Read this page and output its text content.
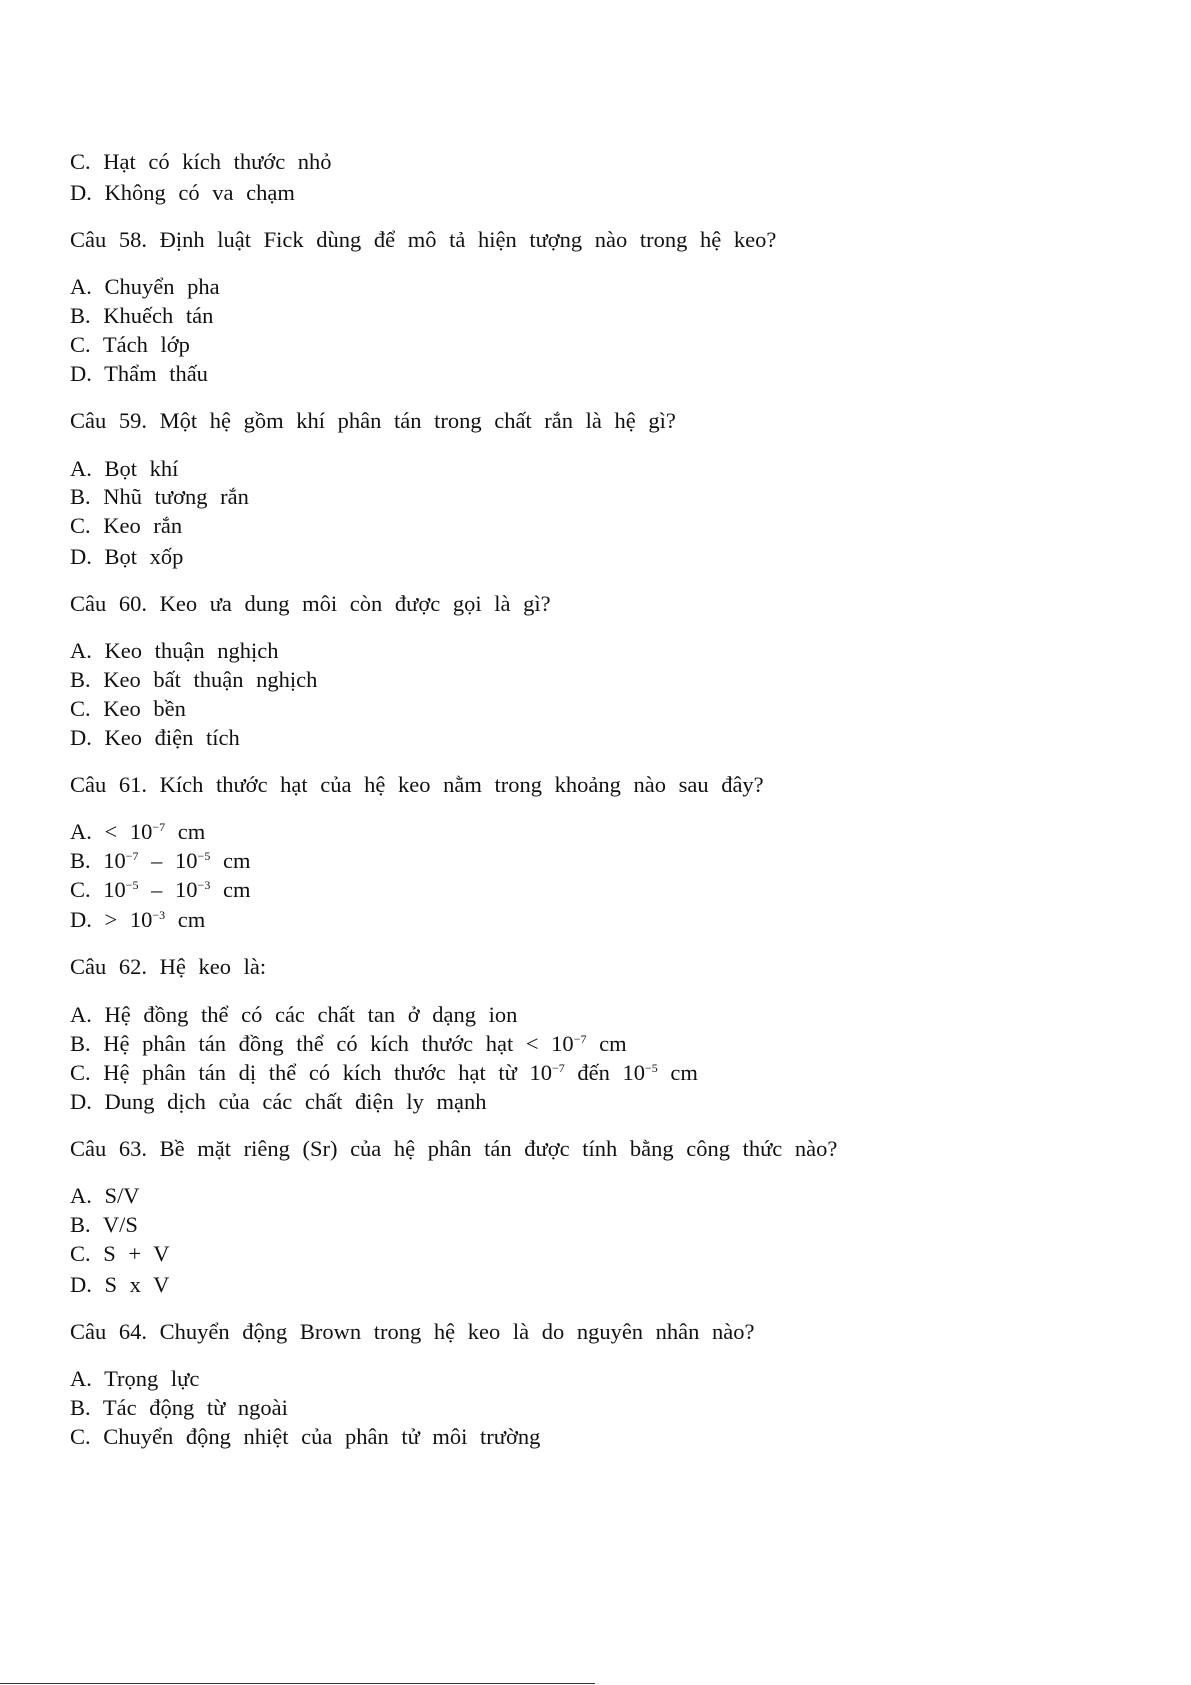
C. Hạt có kích thước nhỏ
D. Không có va chạm
Câu 58. Định luật Fick dùng để mô tả hiện tượng nào trong hệ keo?
A. Chuyển pha
B. Khuếch tán
C. Tách lớp
D. Thẩm thấu
Câu 59. Một hệ gồm khí phân tán trong chất rắn là hệ gì?
A. Bọt khí
B. Nhũ tương rắn
C. Keo rắn
D. Bọt xốp
Câu 60. Keo ưa dung môi còn được gọi là gì?
A. Keo thuận nghịch
B. Keo bất thuận nghịch
C. Keo bền
D. Keo điện tích
Câu 61. Kích thước hạt của hệ keo nằm trong khoảng nào sau đây?
A. < $10^{-7}$ cm
B. $10^{-7} - 10^{-5}$ cm
C. $10^{-5} - 10^{-3}$ cm
D. > $10^{-3}$ cm
Câu 62. Hệ keo là:
A. Hệ đồng thể có các chất tan ở dạng ion
B. Hệ phân tán đồng thể có kích thước hạt < $10^{-7}$ cm
C. Hệ phân tán dị thể có kích thước hạt từ $10^{-7}$ đến $10^{-5}$ cm
D. Dung dịch của các chất điện ly mạnh
Câu 63. Bề mặt riêng (Sr) của hệ phân tán được tính bằng công thức nào?
A. S/V
B. V/S
C. S + V
D. S x V
Câu 64. Chuyển động Brown trong hệ keo là do nguyên nhân nào?
A. Trọng lực
B. Tác động từ ngoài
C. Chuyển động nhiệt của phân tử môi trường
